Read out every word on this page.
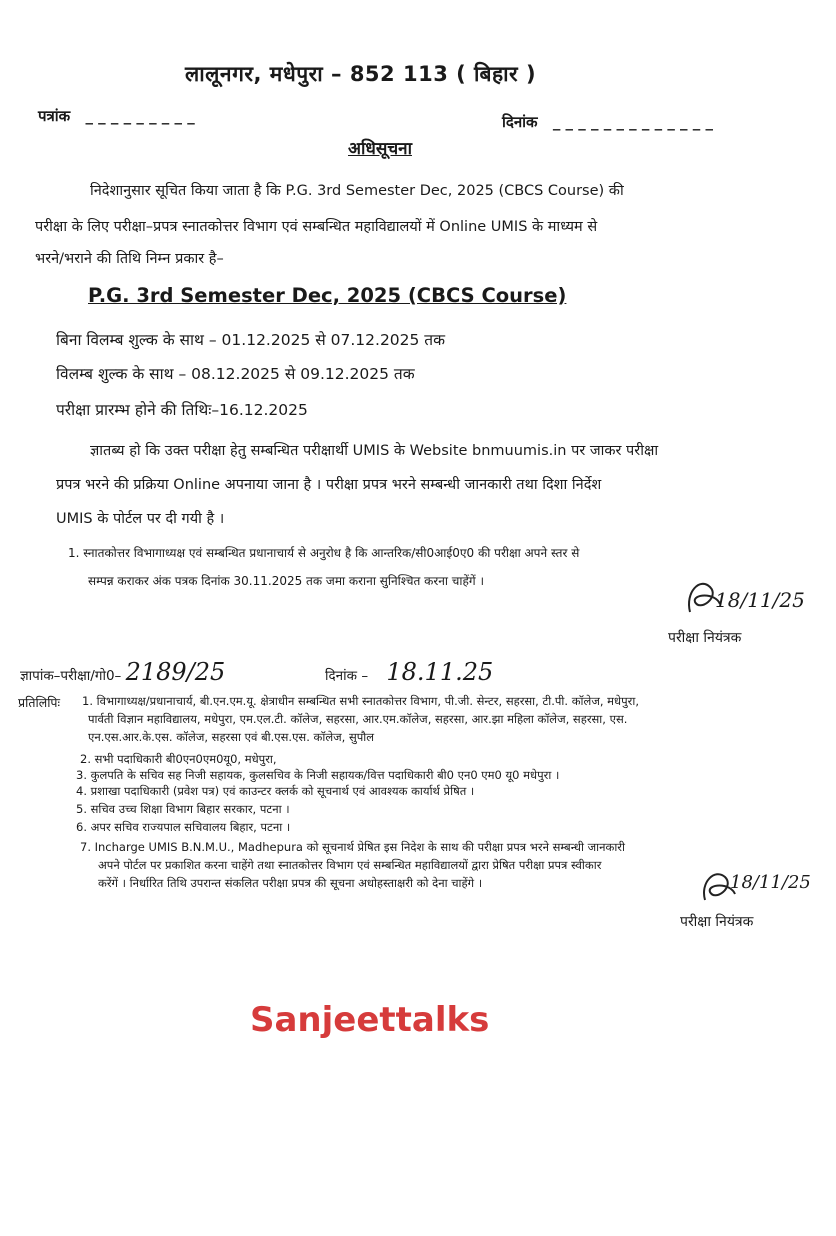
लालूनगर, मधेपुरा – 852 113 ( बिहार )
पत्रांक _ _ _ _ _ _ _ _ _	दिनांक _ _ _ _ _ _ _ _ _ _ _ _ _
अधिसूचना
निदेशानुसार सूचित किया जाता है कि P.G. 3rd Semester Dec, 2025 (CBCS Course) की
परीक्षा के लिए परीक्षा–प्रपत्र स्नातकोत्तर विभाग एवं सम्बन्धित महाविद्यालयों में Online UMIS के माध्यम से
भरने/भराने की तिथि निम्न प्रकार है–
P.G. 3rd Semester Dec, 2025 (CBCS Course)
बिना विलम्ब शुल्क के साथ – 01.12.2025 से 07.12.2025 तक
विलम्ब शुल्क के साथ – 08.12.2025 से 09.12.2025 तक
परीक्षा प्रारम्भ होने की तिथिः–16.12.2025
ज्ञातब्य हो कि उक्त परीक्षा हेतु सम्बन्धित परीक्षार्थी UMIS के Website bnmuumis.in पर जाकर परीक्षा
प्रपत्र भरने की प्रक्रिया Online अपनाया जाना है । परीक्षा प्रपत्र भरने सम्बन्धी जानकारी तथा दिशा निर्देश
UMIS के पोर्टल पर दी गयी है ।
1. स्नातकोत्तर विभागाध्यक्ष एवं सम्बन्धित प्रधानाचार्य से अनुरोध है कि आन्तरिक/सी0आई0ए0 की परीक्षा अपने स्तर से
सम्पन्न कराकर अंक पत्रक दिनांक 30.11.2025 तक जमा कराना सुनिश्चित करना चाहेंगें ।
18/11/25
परीक्षा नियंत्रक
ज्ञापांक–परीक्षा/गो0– 2189/25	दिनांक – 18.11.25
प्रतिलिपिः 1. विभागाध्यक्ष/प्रधानाचार्य, बी.एन.एम.यू. क्षेत्राधीन सम्बन्धित सभी स्नातकोत्तर विभाग, पी.जी. सेन्टर, सहरसा, टी.पी. कॉलेज, मधेपुरा,
पार्वती विज्ञान महाविद्यालय, मधेपुरा, एम.एल.टी. कॉलेज, सहरसा, आर.एम.कॉलेज, सहरसा, आर.झा महिला कॉलेज, सहरसा, एस.
एन.एस.आर.के.एस. कॉलेज, सहरसा एवं बी.एस.एस. कॉलेज, सुपौल
2. सभी पदाधिकारी बी0एन0एम0यू0, मधेपुरा,
3. कुलपति के सचिव सह निजी सहायक, कुलसचिव के निजी सहायक/वित्त पदाधिकारी बी0 एन0 एम0 यू0 मधेपुरा ।
4. प्रशाखा पदाधिकारी (प्रवेश पत्र) एवं काउन्टर क्लर्क को सूचनार्थ एवं आवश्यक कार्यार्थ प्रेषित ।
5. सचिव उच्च शिक्षा विभाग बिहार सरकार, पटना ।
6. अपर सचिव राज्यपाल सचिवालय बिहार, पटना ।
7. Incharge UMIS B.N.M.U., Madhepura को सूचनार्थ प्रेषित इस निदेश के साथ की परीक्षा प्रपत्र भरने सम्बन्धी जानकारी
अपने पोर्टल पर प्रकाशित करना चाहेंगे तथा स्नातकोत्तर विभाग एवं सम्बन्धित महाविद्यालयों द्वारा प्रेषित परीक्षा प्रपत्र स्वीकार
करेंगें । निर्धारित तिथि उपरान्त संकलित परीक्षा प्रपत्र की सूचना अधोहस्ताक्षरी को देना चाहेंगे ।	18/11/25
परीक्षा नियंत्रक
Sanjeettalks
